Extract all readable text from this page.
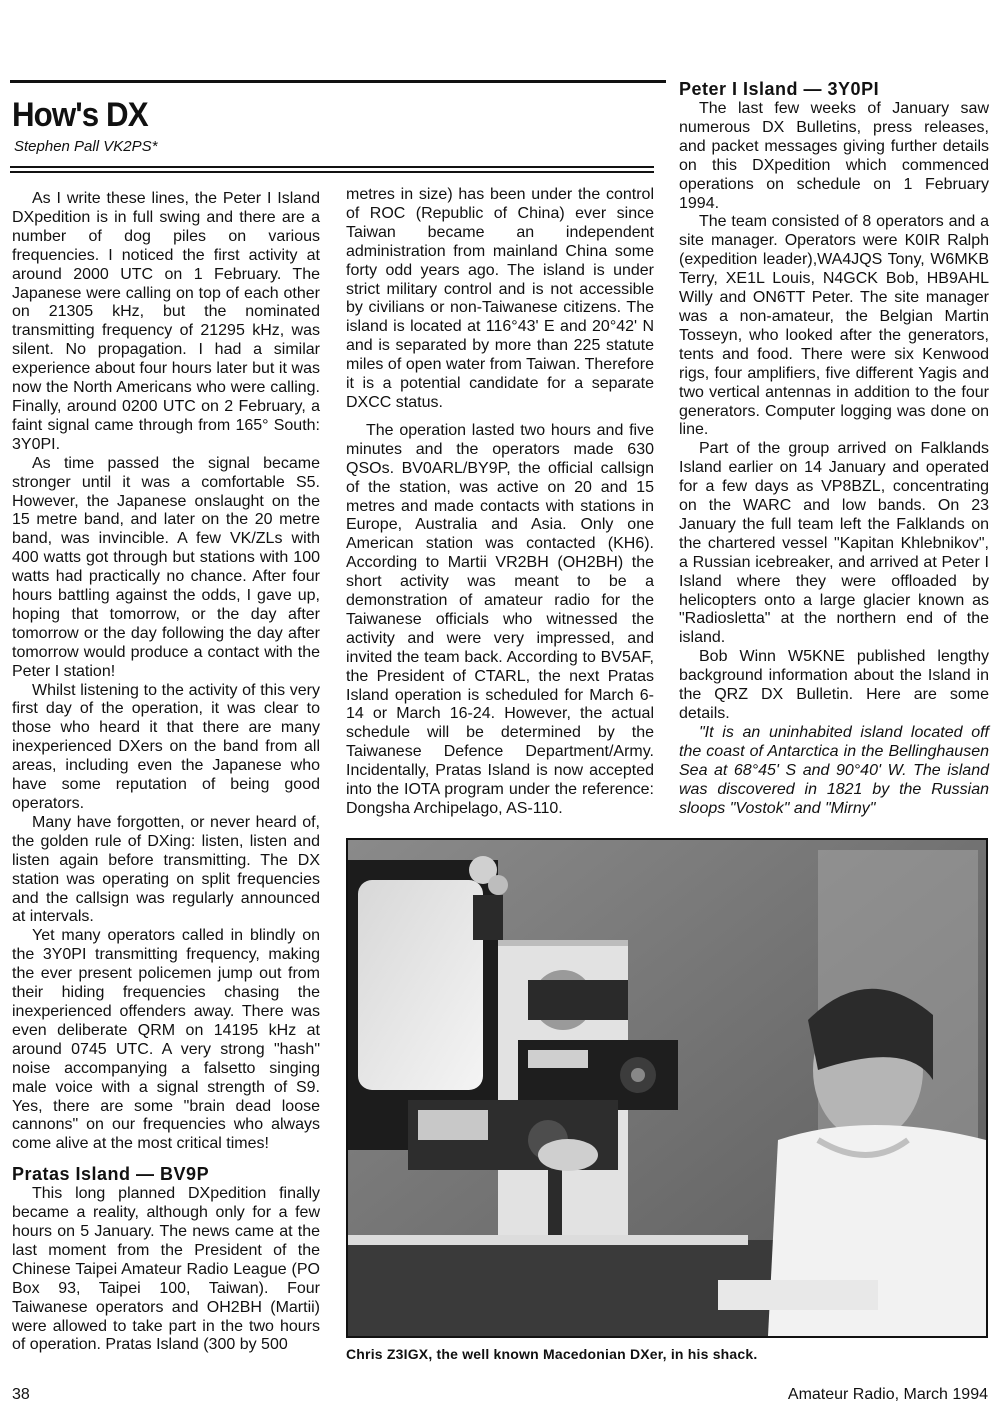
How's DX
Stephen Pall VK2PS*

As I write these lines, the Peter I Island DXpedition is in full swing and there are a number of dog piles on various frequencies. I noticed the first activity at around 2000 UTC on 1 February. The Japanese were calling on top of each other on 21305 kHz, but the nominated transmitting frequency of 21295 kHz, was silent. No propagation. I had a similar experience about four hours later but it was now the North Americans who were calling. Finally, around 0200 UTC on 2 February, a faint signal came through from 165° South: 3Y0PI.

As time passed the signal became stronger until it was a comfortable S5. However, the Japanese onslaught on the 15 metre band, and later on the 20 metre band, was invincible. A few VK/ZLs with 400 watts got through but stations with 100 watts had practically no chance. After four hours battling against the odds, I gave up, hoping that tomorrow, or the day after tomorrow or the day following the day after tomorrow would produce a contact with the Peter I station!

Whilst listening to the activity of this very first day of the operation, it was clear to those who heard it that there are many inexperienced DXers on the band from all areas, including even the Japanese who have some reputation of being good operators.

Many have forgotten, or never heard of, the golden rule of DXing: listen, listen and listen again before transmitting. The DX station was operating on split frequencies and the callsign was regularly announced at intervals.

Yet many operators called in blindly on the 3Y0PI transmitting frequency, making the ever present policemen jump out from their hiding frequencies chasing the inexperienced offenders away. There was even deliberate QRM on 14195 kHz at around 0745 UTC. A very strong "hash" noise accompanying a falsetto singing male voice with a signal strength of S9. Yes, there are some "brain dead loose cannons" on our frequencies who always come alive at the most critical times!

Pratas Island — BV9P

This long planned DXpedition finally became a reality, although only for a few hours on 5 January. The news came at the last moment from the President of the Chinese Taipei Amateur Radio League (PO Box 93, Taipei 100, Taiwan). Four Taiwanese operators and OH2BH (Martii) were allowed to take part in the two hours of operation. Pratas Island (300 by 500

metres in size) has been under the control of ROC (Republic of China) ever since Taiwan became an independent administration from mainland China some forty odd years ago. The island is under strict military control and is not accessible by civilians or non-Taiwanese citizens. The island is located at 116°43' E and 20°42' N and is separated by more than 225 statute miles of open water from Taiwan. Therefore it is a potential candidate for a separate DXCC status.

The operation lasted two hours and five minutes and the operators made 630 QSOs. BV0ARL/BY9P, the official callsign of the station, was active on 20 and 15 metres and made contacts with stations in Europe, Australia and Asia. Only one American station was contacted (KH6). According to Martii VR2BH (OH2BH) the short activity was meant to be a demonstration of amateur radio for the Taiwanese officials who witnessed the activity and were very impressed, and invited the team back. According to BV5AF, the President of CTARL, the next Pratas Island operation is scheduled for March 6-14 or March 16-24. However, the actual schedule will be determined by the Taiwanese Defence Department/Army. Incidentally, Pratas Island is now accepted into the IOTA program under the reference: Dongsha Archipelago, AS-110.

Peter I Island — 3Y0PI

The last few weeks of January saw numerous DX Bulletins, press releases, and packet messages giving further details on this DXpedition which commenced operations on schedule on 1 February 1994.

The team consisted of 8 operators and a site manager. Operators were K0IR Ralph (expedition leader),WA4JQS Tony, W6MKB Terry, XE1L Louis, N4GCK Bob, HB9AHL Willy and ON6TT Peter. The site manager was a non-amateur, the Belgian Martin Tosseyn, who looked after the generators, tents and food. There were six Kenwood rigs, four amplifiers, five different Yagis and two vertical antennas in addition to the four generators. Computer logging was done on line.

Part of the group arrived on Falklands Island earlier on 14 January and operated for a few days as VP8BZL, concentrating on the WARC and low bands. On 23 January the full team left the Falklands on the chartered vessel "Kapitan Khlebnikov", a Russian icebreaker, and arrived at Peter I Island where they were offloaded by helicopters onto a large glacier known as "Radiosletta" at the northern end of the island.

Bob Winn W5KNE published lengthy background information about the Island in the QRZ DX Bulletin. Here are some details.

"It is an uninhabited island located off the coast of Antarctica in the Bellinghausen Sea at 68°45' S and 90°40' W. The island was discovered in 1821 by the Russian sloops "Vostok" and "Mirny"

Chris Z3IGX, the well known Macedonian DXer, in his shack.
38	Amateur Radio, March 1994
